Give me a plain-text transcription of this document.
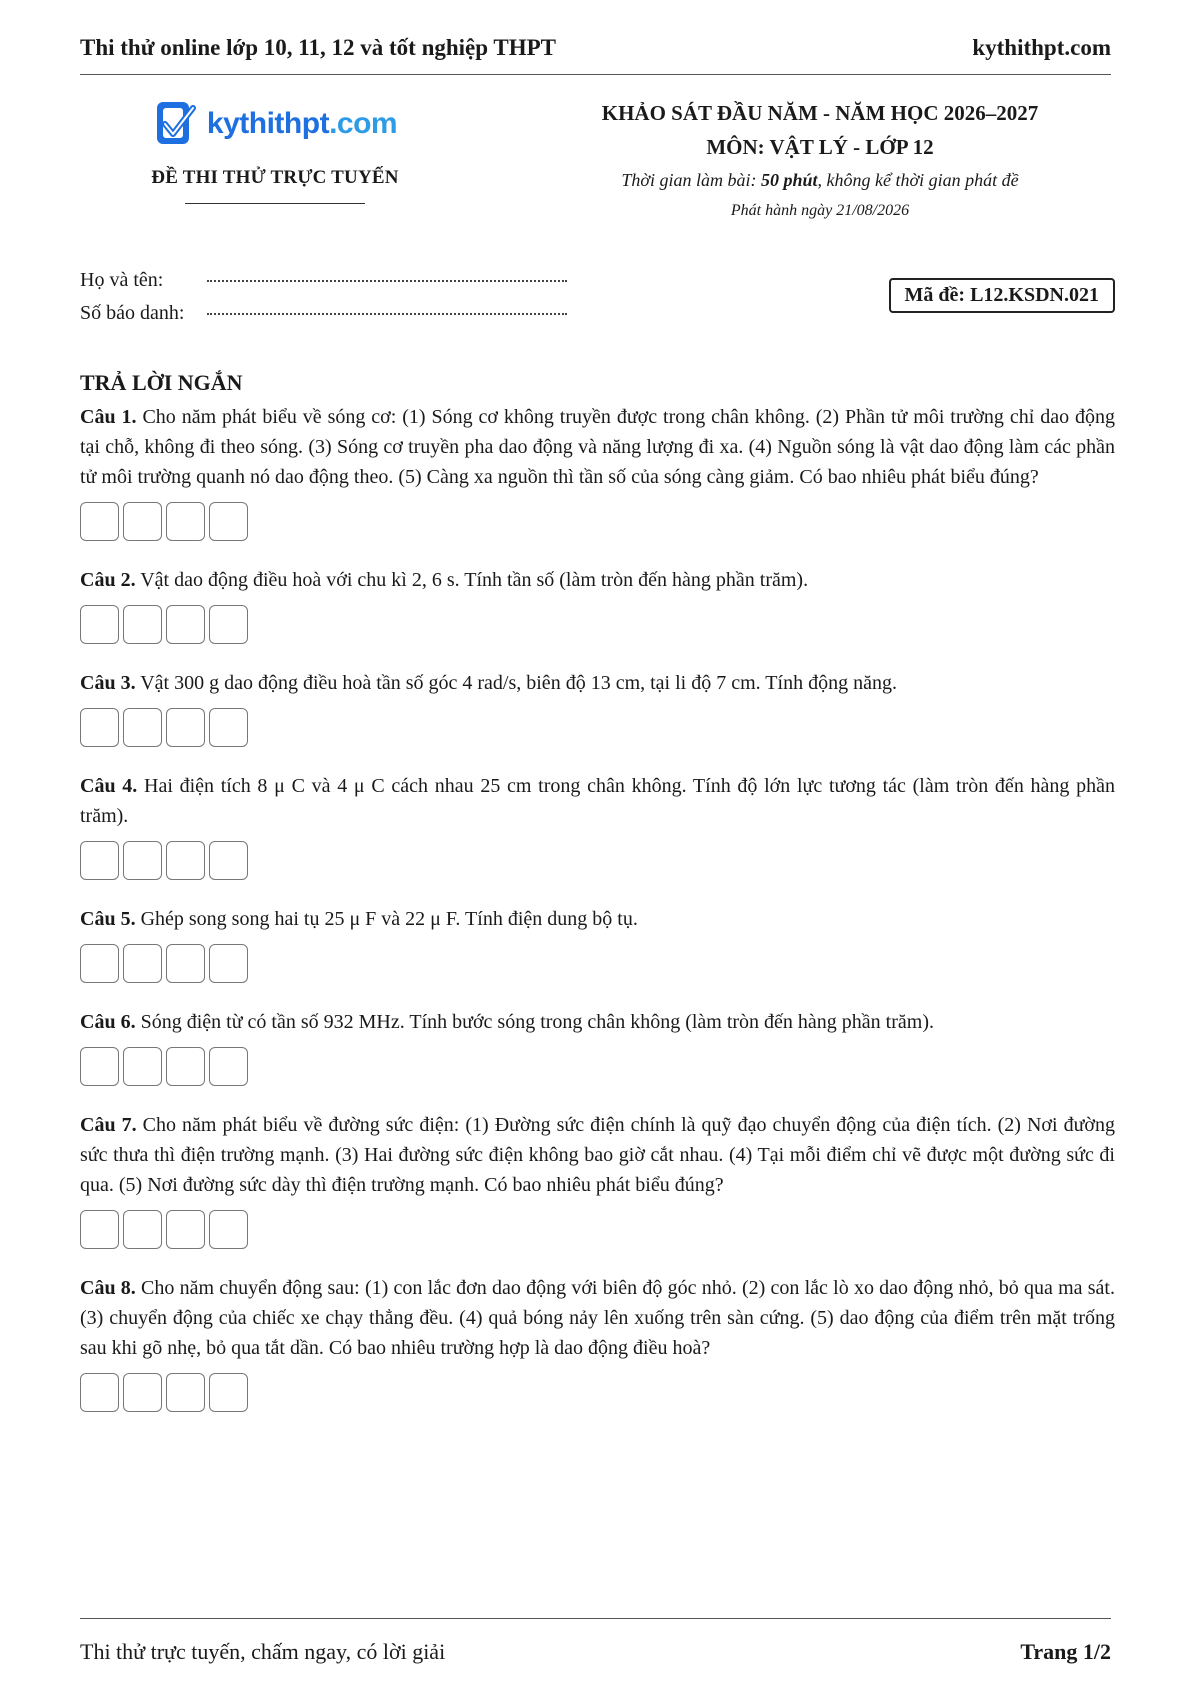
Thi thử online lớp 10, 11, 12 và tốt nghiệp THPT	kythithpt.com
kythithpt.com
ĐỀ THI THỬ TRỰC TUYẾN
KHẢO SÁT ĐẦU NĂM - NĂM HỌC 2026–2027
MÔN: VẬT LÝ - LỚP 12
Thời gian làm bài: 50 phút, không kể thời gian phát đề
Phát hành ngày 21/08/2026
Họ và tên:
Số báo danh:
Mã đề: L12.KSDN.021
TRẢ LỜI NGẮN
Câu 1. Cho năm phát biểu về sóng cơ: (1) Sóng cơ không truyền được trong chân không. (2) Phần tử môi trường chỉ dao động tại chỗ, không đi theo sóng. (3) Sóng cơ truyền pha dao động và năng lượng đi xa. (4) Nguồn sóng là vật dao động làm các phần tử môi trường quanh nó dao động theo. (5) Càng xa nguồn thì tần số của sóng càng giảm. Có bao nhiêu phát biểu đúng?
Câu 2. Vật dao động điều hoà với chu kì 2, 6 s. Tính tần số (làm tròn đến hàng phần trăm).
Câu 3. Vật 300 g dao động điều hoà tần số góc 4 rad/s, biên độ 13 cm, tại li độ 7 cm. Tính động năng.
Câu 4. Hai điện tích 8 μ C và 4 μ C cách nhau 25 cm trong chân không. Tính độ lớn lực tương tác (làm tròn đến hàng phần trăm).
Câu 5. Ghép song song hai tụ 25 μ F và 22 μ F. Tính điện dung bộ tụ.
Câu 6. Sóng điện từ có tần số 932 MHz. Tính bước sóng trong chân không (làm tròn đến hàng phần trăm).
Câu 7. Cho năm phát biểu về đường sức điện: (1) Đường sức điện chính là quỹ đạo chuyển động của điện tích. (2) Nơi đường sức thưa thì điện trường mạnh. (3) Hai đường sức điện không bao giờ cắt nhau. (4) Tại mỗi điểm chỉ vẽ được một đường sức đi qua. (5) Nơi đường sức dày thì điện trường mạnh. Có bao nhiêu phát biểu đúng?
Câu 8. Cho năm chuyển động sau: (1) con lắc đơn dao động với biên độ góc nhỏ. (2) con lắc lò xo dao động nhỏ, bỏ qua ma sát. (3) chuyển động của chiếc xe chạy thẳng đều. (4) quả bóng nảy lên xuống trên sàn cứng. (5) dao động của điểm trên mặt trống sau khi gõ nhẹ, bỏ qua tắt dần. Có bao nhiêu trường hợp là dao động điều hoà?
Thi thử trực tuyến, chấm ngay, có lời giải	Trang 1/2
